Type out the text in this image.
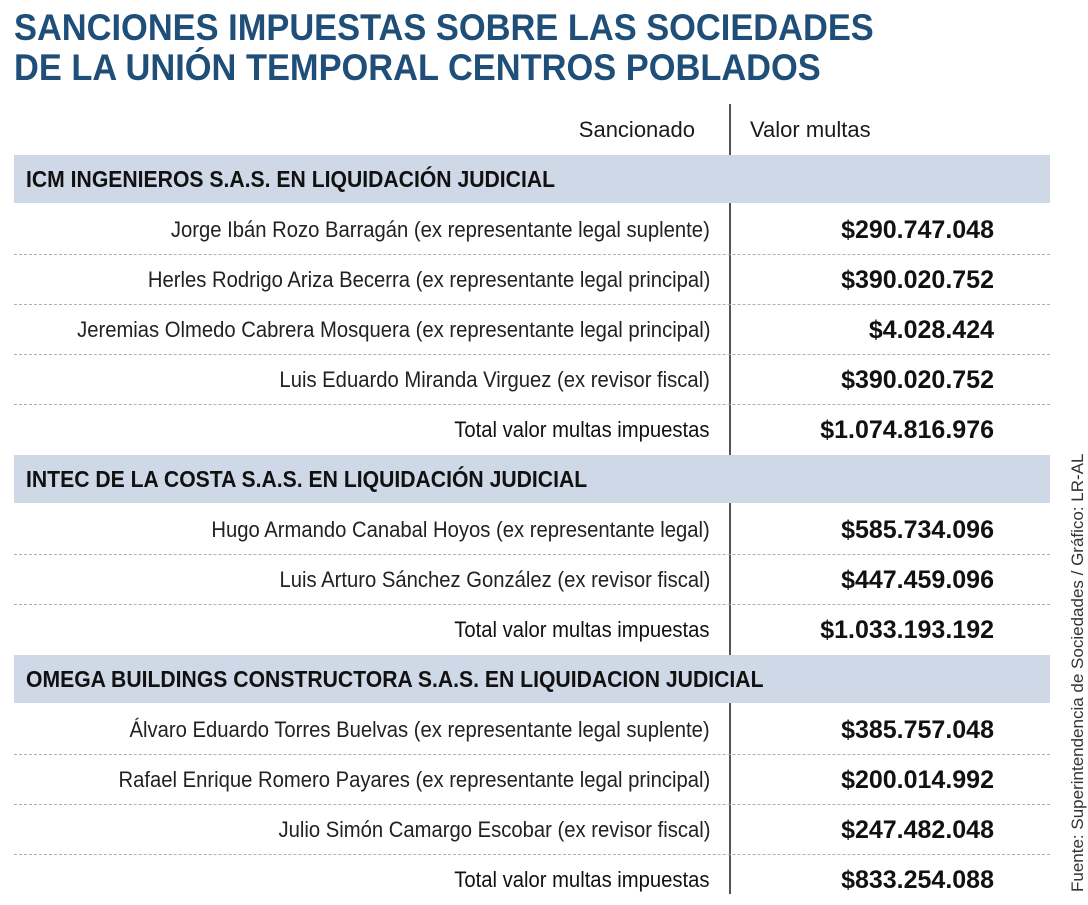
SANCIONES IMPUESTAS SOBRE LAS SOCIEDADES
DE LA UNIÓN TEMPORAL CENTROS POBLADOS
Sancionado	Valor multas
ICM INGENIEROS S.A.S. EN LIQUIDACIÓN JUDICIAL
Jorge Ibán Rozo Barragán (ex representante legal suplente)	$290.747.048
Herles Rodrigo Ariza Becerra (ex representante legal principal)	$390.020.752
Jeremias Olmedo Cabrera Mosquera (ex representante legal principal)	$4.028.424
Luis Eduardo Miranda Virguez (ex revisor fiscal)	$390.020.752
Total valor multas impuestas	$1.074.816.976
INTEC DE LA COSTA S.A.S. EN LIQUIDACIÓN JUDICIAL
Hugo Armando Canabal Hoyos (ex representante legal)	$585.734.096
Luis Arturo Sánchez González (ex revisor fiscal)	$447.459.096
Total valor multas impuestas	$1.033.193.192
OMEGA BUILDINGS CONSTRUCTORA S.A.S. EN LIQUIDACION JUDICIAL
Álvaro Eduardo Torres Buelvas (ex representante legal suplente)	$385.757.048
Rafael Enrique Romero Payares (ex representante legal principal)	$200.014.992
Julio Simón Camargo Escobar (ex revisor fiscal)	$247.482.048
Total valor multas impuestas	$833.254.088	Fuente: Superintendencia de Sociedades / Gráfico: LR-AL
